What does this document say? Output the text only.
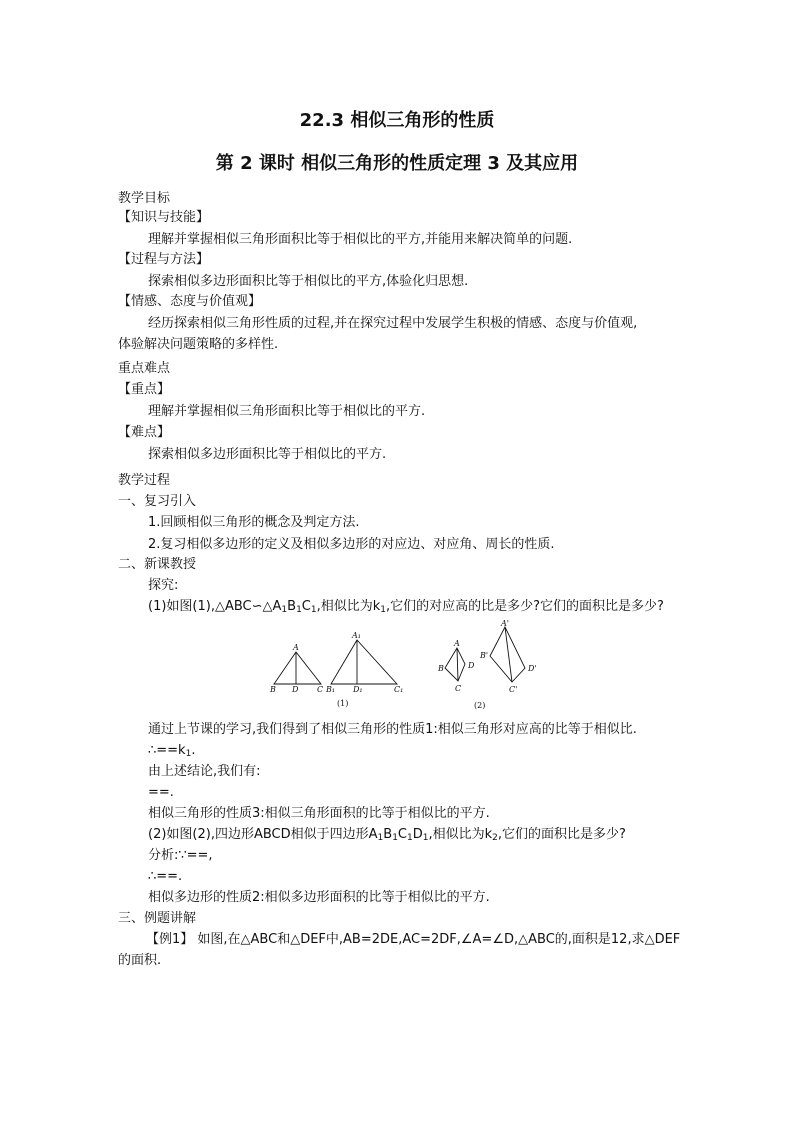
22.3 相似三角形的性质
第 2 课时 相似三角形的性质定理 3 及其应用
教学目标
【知识与技能】
理解并掌握相似三角形面积比等于相似比的平方,并能用来解决简单的问题.
【过程与方法】
探索相似多边形面积比等于相似比的平方,体验化归思想.
【情感、态度与价值观】
经历探索相似三角形性质的过程,并在探究过程中发展学生积极的情感、态度与价值观,
体验解决问题策略的多样性.
重点难点
【重点】
理解并掌握相似三角形面积比等于相似比的平方.
【难点】
探索相似多边形面积比等于相似比的平方.
教学过程
一、复习引入
1.回顾相似三角形的概念及判定方法.
2.复习相似多边形的定义及相似多边形的对应边、对应角、周长的性质.
二、新课教授
探究:
(1)如图$(1),\triangle ABC∽\triangle A_1B_1C_1$,相似比为$k_1$,它们的对应高的比是多少?它们的面积比是多少?
A
B D C
A₁
B₁ D₁	C₁
A
B
C
D
A'
B'
C'
D'
(1)	(2)
通过上节课的学习,我们得到了相似三角形的性质1:相似三角形对应高的比等于相似比.
$\therefore==k_1$.
由上述结论,我们有:
==.
相似三角形的性质3:相似三角形面积的比等于相似比的平方.
(2)如图(2),四边形ABCD相似于四边形$A_1B_1C_1D_1$,相似比为$k_2$,它们的面积比是多少?
分析:∵==,
∴==.
相似多边形的性质2:相似多边形面积的比等于相似比的平方.
三、例题讲解
【例1】 如图,在△ABC和△DEF中,AB=2DE,AC=2DF,∠A=∠D,△ABC的,面积是12,求△DEF
的面积.
